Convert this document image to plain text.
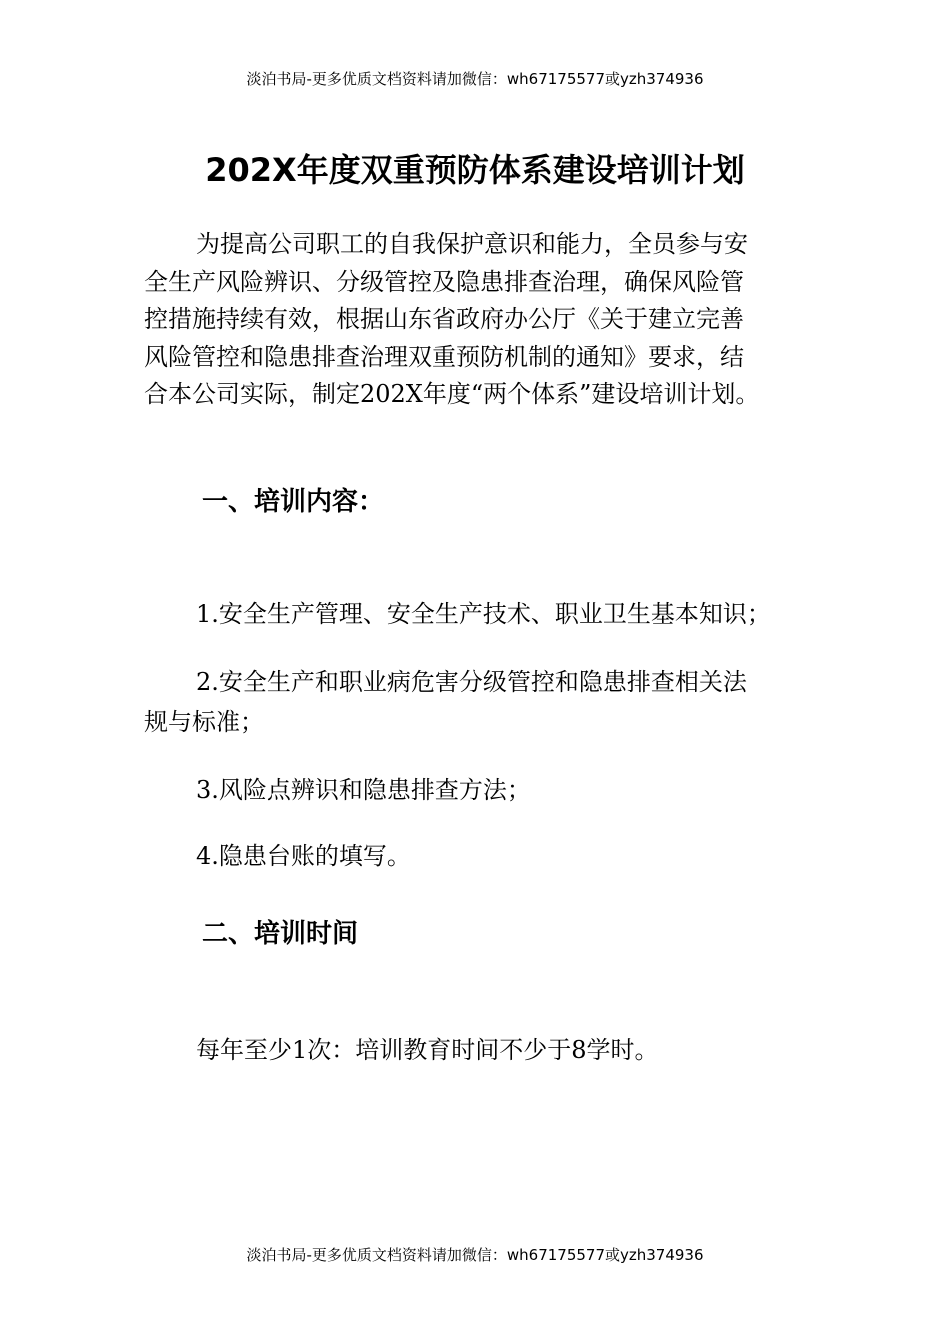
淡泊书局-更多优质文档资料请加微信：wh67175577或yzh374936
202X年度双重预防体系建设培训计划
为提高公司职工的自我保护意识和能力，全员参与安
全生产风险辨识、分级管控及隐患排查治理，确保风险管
控措施持续有效，根据山东省政府办公厅《关于建立完善
风险管控和隐患排查治理双重预防机制的通知》要求，结
合本公司实际，制定202X年度“两个体系”建设培训计划。
一、培训内容：
1.安全生产管理、安全生产技术、职业卫生基本知识；
2.安全生产和职业病危害分级管控和隐患排查相关法
规与标准；
3.风险点辨识和隐患排查方法；
4.隐患台账的填写。
二、培训时间
每年至少1次：培训教育时间不少于8学时。
淡泊书局-更多优质文档资料请加微信：wh67175577或yzh374936
